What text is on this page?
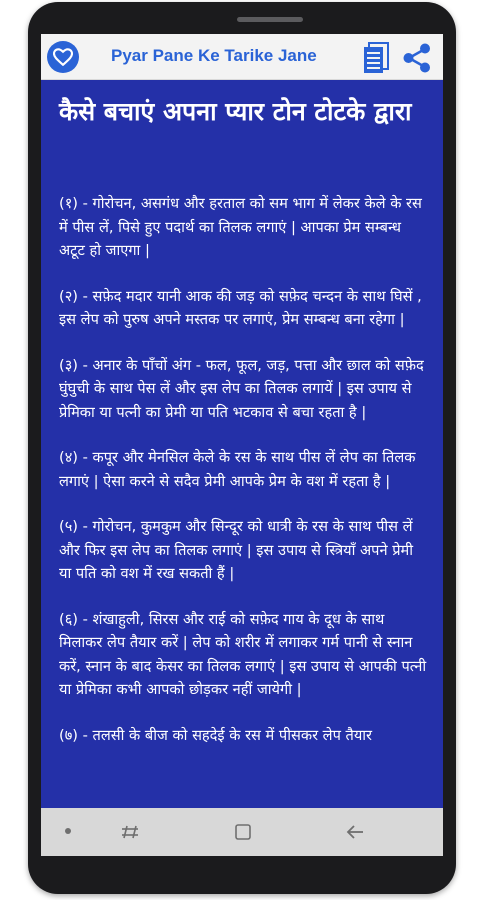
Pyar Pane Ke Tarike Jane
कैसे बचाएं अपना प्यार टोन टोटके द्वारा

(१) - गोरोचन, असगंध और हरताल को सम भाग में लेकर केले के रस में पीस लें, पिसे हुए पदार्थ का तिलक लगाएं | आपका प्रेम सम्बन्ध अटूट हो जाएगा |

(२) - सफ़ेद मदार यानी आक की जड़ को सफ़ेद चन्दन के साथ घिसें , इस लेप को पुरुष अपने मस्तक पर लगाएं, प्रेम सम्बन्ध बना रहेगा |

(३) - अनार के पाँचों अंग - फल, फूल, जड़, पत्ता और छाल को सफ़ेद घुंघुची के साथ पेस लें और इस लेप का तिलक लगायें | इस उपाय से प्रेमिका या पत्नी का प्रेमी या पति भटकाव से बचा रहता है |

(४) - कपूर और मेनसिल केले के रस के साथ पीस लें लेप का तिलक लगाएं | ऐसा करने से सदैव प्रेमी आपके प्रेम के वश में रहता है |

(५) - गोरोचन, कुमकुम और सिन्दूर को धात्री के रस के साथ पीस लें और फिर इस लेप का तिलक लगाएं | इस उपाय से स्त्रियाँ अपने प्रेमी या पति को वश में रख सकती हैं |

(६) - शंखाहुली, सिरस और राई को सफ़ेद गाय के दूध के साथ मिलाकर लेप तैयार करें | लेप को शरीर में लगाकर गर्म पानी से स्नान करें, स्नान के बाद केसर का तिलक लगाएं | इस उपाय से आपकी पत्नी या प्रेमिका कभी आपको छोड़कर नहीं जायेगी |

(७) - तलसी के बीज को सहदेई के रस में पीसकर लेप तैयार
